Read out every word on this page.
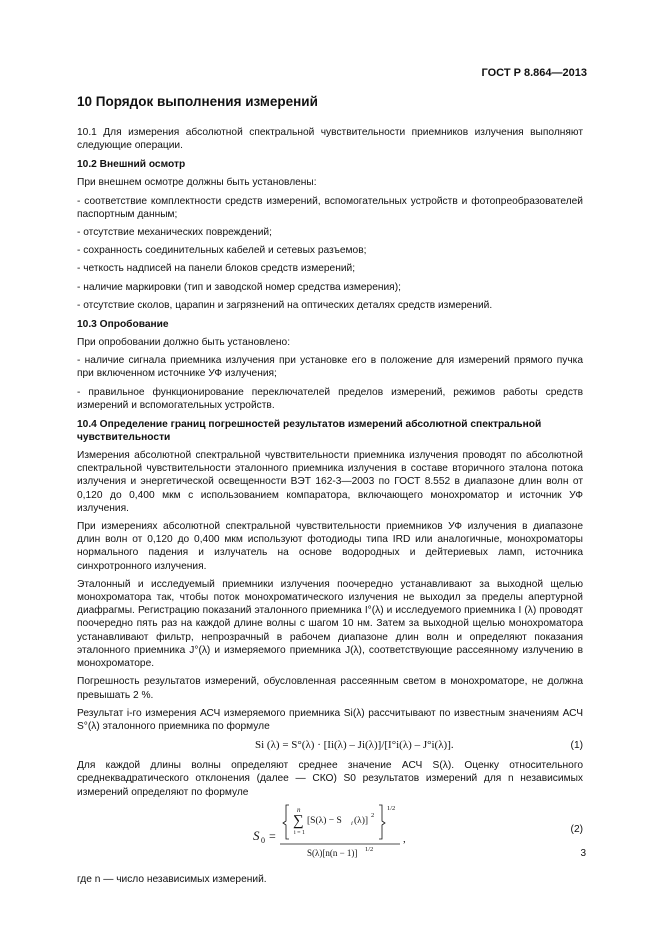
ГОСТ Р 8.864—2013
10 Порядок выполнения измерений

10.1 Для измерения абсолютной спектральной чувствительности приемников излучения выполняют следующие операции.

10.2 Внешний осмотр

При внешнем осмотре должны быть установлены:

- соответствие комплектности средств измерений, вспомогательных устройств и фотопреобразователей паспортным данным;
- отсутствие механических повреждений;
- сохранность соединительных кабелей и сетевых разъемов;
- четкость надписей на панели блоков средств измерений;
- наличие маркировки (тип и заводской номер средства измерения);
- отсутствие сколов, царапин и загрязнений на оптических деталях средств измерений.
10.3 Опробование

При опробовании должно быть установлено:

- наличие сигнала приемника излучения при установке его в положение для измерений прямого пучка при включенном источнике УФ излучения;
- правильное функционирование переключателей пределов измерений, режимов работы средств измерений и вспомогательных устройств.
10.4 Определение границ погрешностей результатов измерений абсолютной спектральной чувствительности

Измерения абсолютной спектральной чувствительности приемника излучения проводят по абсолютной спектральной чувствительности эталонного приемника излучения в составе вторичного эталона потока излучения и энергетической освещенности ВЭТ 162-3—2003 по ГОСТ 8.552 в диапазоне длин волн от 0,120 до 0,400 мкм с использованием компаратора, включающего монохроматор и источник УФ излучения.

При измерениях абсолютной спектральной чувствительности приемников УФ излучения в диапазоне длин волн от 0,120 до 0,400 мкм используют фотодиоды типа IRD или аналогичные, монохроматоры нормального падения и излучатель на основе водородных и дейтериевых ламп, источника синхротронного излучения.

Эталонный и исследуемый приемники излучения поочередно устанавливают за выходной щелью монохроматора так, чтобы поток монохроматического излучения не выходил за пределы апертурной диафрагмы. Регистрацию показаний эталонного приемника I°(λ) и исследуемого приемника I (λ) проводят поочередно пять раз на каждой длине волны с шагом 10 нм. Затем за выходной щелью монохроматора устанавливают фильтр, непрозрачный в рабочем диапазоне длин волн и определяют показания эталонного приемника J°(λ) и измеряемого приемника J(λ), соответствующие рассеянному излучению в монохроматоре.

Погрешность результатов измерений, обусловленная рассеянным светом в монохроматоре, не должна превышать 2 %.

Результат i-го измерения АСЧ измеряемого приемника Si(λ) рассчитывают по известным значениям АСЧ S°(λ) эталонного приемника по формуле

Si (λ) = S°(λ) · [Ii(λ) – Ji(λ)]/[I°i(λ) – J°i(λ)].	(1)

Для каждой длины волны определяют среднее значение АСЧ S(λ). Оценку относительного среднеквадратического отклонения (далее — СКО) S0 результатов измерений для n независимых измерений определяют по формуле

S 0 =
n
∑
i = 1
[S(λ) − S i (λ)]
2
1/2
S(λ)[n(n − 1)] 1/2
,
(2)

где n — число независимых измерений.

3
